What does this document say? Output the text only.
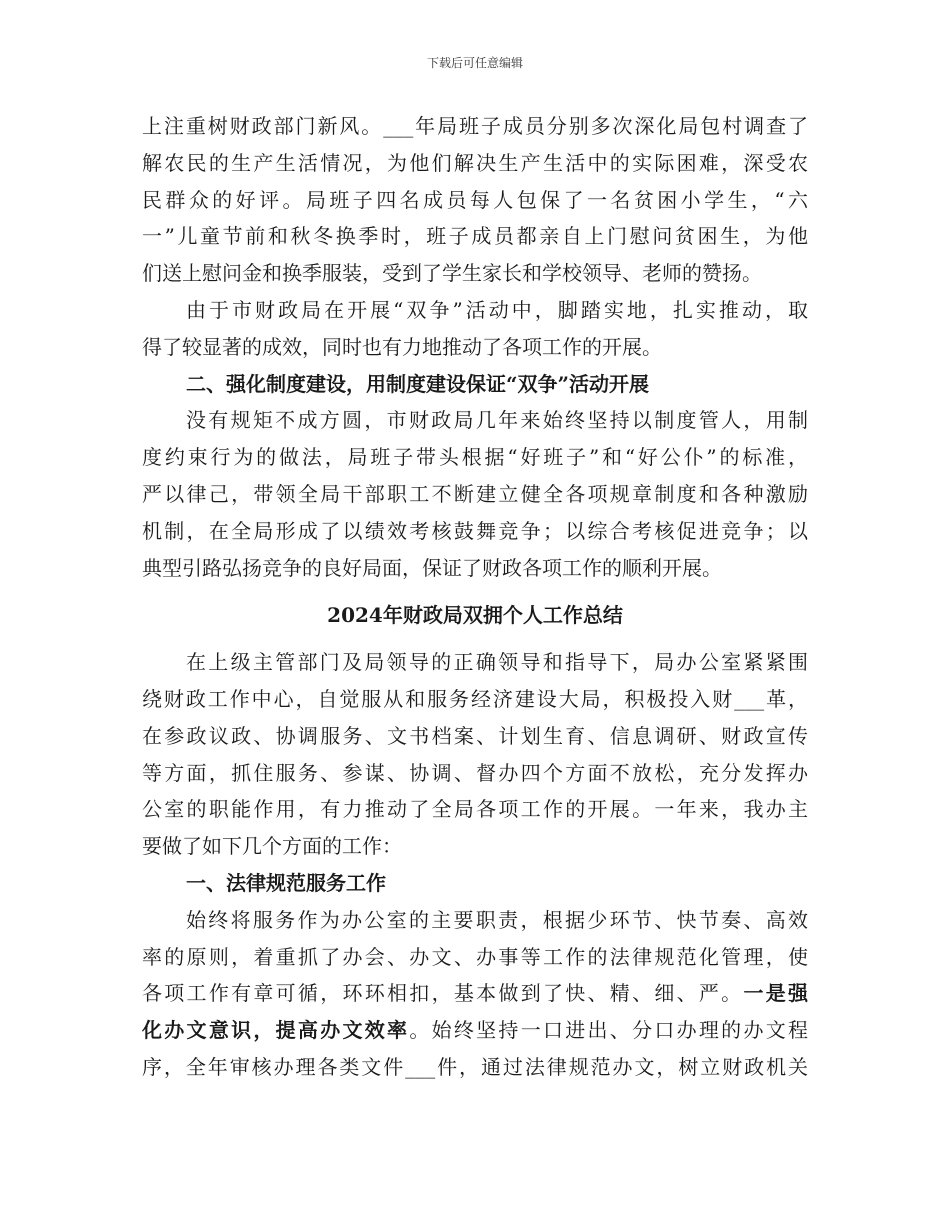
下载后可任意编辑
上注重树财政部门新风。___年局班子成员分别多次深化局包村调查了
解农民的生产生活情况，为他们解决生产生活中的实际困难，深受农
民群众的好评。局班子四名成员每人包保了一名贫困小学生，“六
一”儿童节前和秋冬换季时，班子成员都亲自上门慰问贫困生，为他
们送上慰问金和换季服装，受到了学生家长和学校领导、老师的赞扬。
由于市财政局在开展“双争”活动中，脚踏实地，扎实推动，取
得了较显著的成效，同时也有力地推动了各项工作的开展。
二、强化制度建设，用制度建设保证“双争”活动开展
没有规矩不成方圆，市财政局几年来始终坚持以制度管人，用制
度约束行为的做法，局班子带头根据“好班子”和“好公仆”的标准，
严以律己，带领全局干部职工不断建立健全各项规章制度和各种激励
机制，在全局形成了以绩效考核鼓舞竞争；以综合考核促进竞争；以
典型引路弘扬竞争的良好局面，保证了财政各项工作的顺利开展。
2024年财政局双拥个人工作总结
在上级主管部门及局领导的正确领导和指导下，局办公室紧紧围
绕财政工作中心，自觉服从和服务经济建设大局，积极投入财___革，
在参政议政、协调服务、文书档案、计划生育、信息调研、财政宣传
等方面，抓住服务、参谋、协调、督办四个方面不放松，充分发挥办
公室的职能作用，有力推动了全局各项工作的开展。一年来，我办主
要做了如下几个方面的工作：
一、法律规范服务工作
始终将服务作为办公室的主要职责，根据少环节、快节奏、高效
率的原则，着重抓了办会、办文、办事等工作的法律规范化管理，使
各项工作有章可循，环环相扣，基本做到了快、精、细、严。一是强
化办文意识，提高办文效率。始终坚持一口进出、分口办理的办文程
序，全年审核办理各类文件___件，通过法律规范办文，树立财政机关
